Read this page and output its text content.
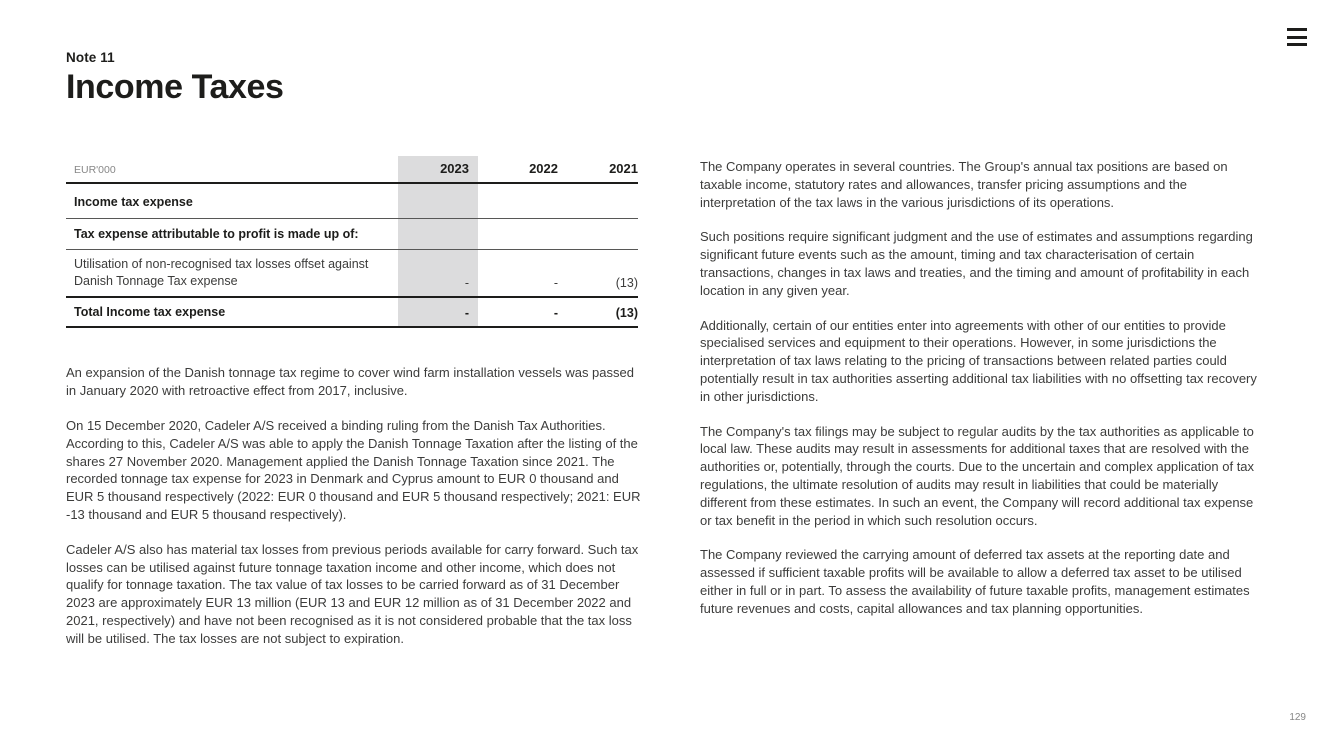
Note 11
Income Taxes
EUR'000	2023	2022	2021
Income tax expense			
Tax expense attributable to profit is made up of:			
Utilisation of non-recognised tax losses offset against Danish Tonnage Tax expense	-	-	(13)
Total Income tax expense	-	-	(13)

An expansion of the Danish tonnage tax regime to cover wind farm installation vessels was passed in January 2020 with retroactive effect from 2017, inclusive.

On 15 December 2020, Cadeler A/S received a binding ruling from the Danish Tax Authorities. According to this, Cadeler A/S was able to apply the Danish Tonnage Taxation after the listing of the shares 27 November 2020. Management applied the Danish Tonnage Taxation since 2021. The recorded tonnage tax expense for 2023 in Denmark and Cyprus amount to EUR 0 thousand and EUR 5 thousand respectively (2022: EUR 0 thousand and EUR 5 thousand respectively; 2021: EUR -13 thousand and EUR 5 thousand respectively).

Cadeler A/S also has material tax losses from previous periods available for carry forward. Such tax losses can be utilised against future tonnage taxation income and other income, which does not qualify for tonnage taxation. The tax value of tax losses to be carried forward as of 31 December 2023 are approximately EUR 13 million (EUR 13 and EUR 12 million as of 31 December 2022 and 2021, respectively) and have not been recognised as it is not considered probable that the tax loss will be utilised. The tax losses are not subject to expiration.

The Company operates in several countries. The Group's annual tax positions are based on taxable income, statutory rates and allowances, transfer pricing assumptions and the interpretation of the tax laws in the various jurisdictions of its operations.

Such positions require significant judgment and the use of estimates and assumptions regarding significant future events such as the amount, timing and tax characterisation of certain transactions, changes in tax laws and treaties, and the timing and amount of profitability in each location in any given year.

Additionally, certain of our entities enter into agreements with other of our entities to provide specialised services and equipment to their operations. However, in some jurisdictions the interpretation of tax laws relating to the pricing of transactions between related parties could potentially result in tax authorities asserting additional tax liabilities with no offsetting tax recovery in other jurisdictions.

The Company's tax filings may be subject to regular audits by the tax authorities as applicable to local law. These audits may result in assessments for additional taxes that are resolved with the authorities or, potentially, through the courts. Due to the uncertain and complex application of tax regulations, the ultimate resolution of audits may result in liabilities that could be materially different from these estimates. In such an event, the Company will record additional tax expense or tax benefit in the period in which such resolution occurs.

The Company reviewed the carrying amount of deferred tax assets at the reporting date and assessed if sufficient taxable profits will be available to allow a deferred tax asset to be utilised either in full or in part. To assess the availability of future taxable profits, management estimates future revenues and costs, capital allowances and tax planning opportunities.

129
